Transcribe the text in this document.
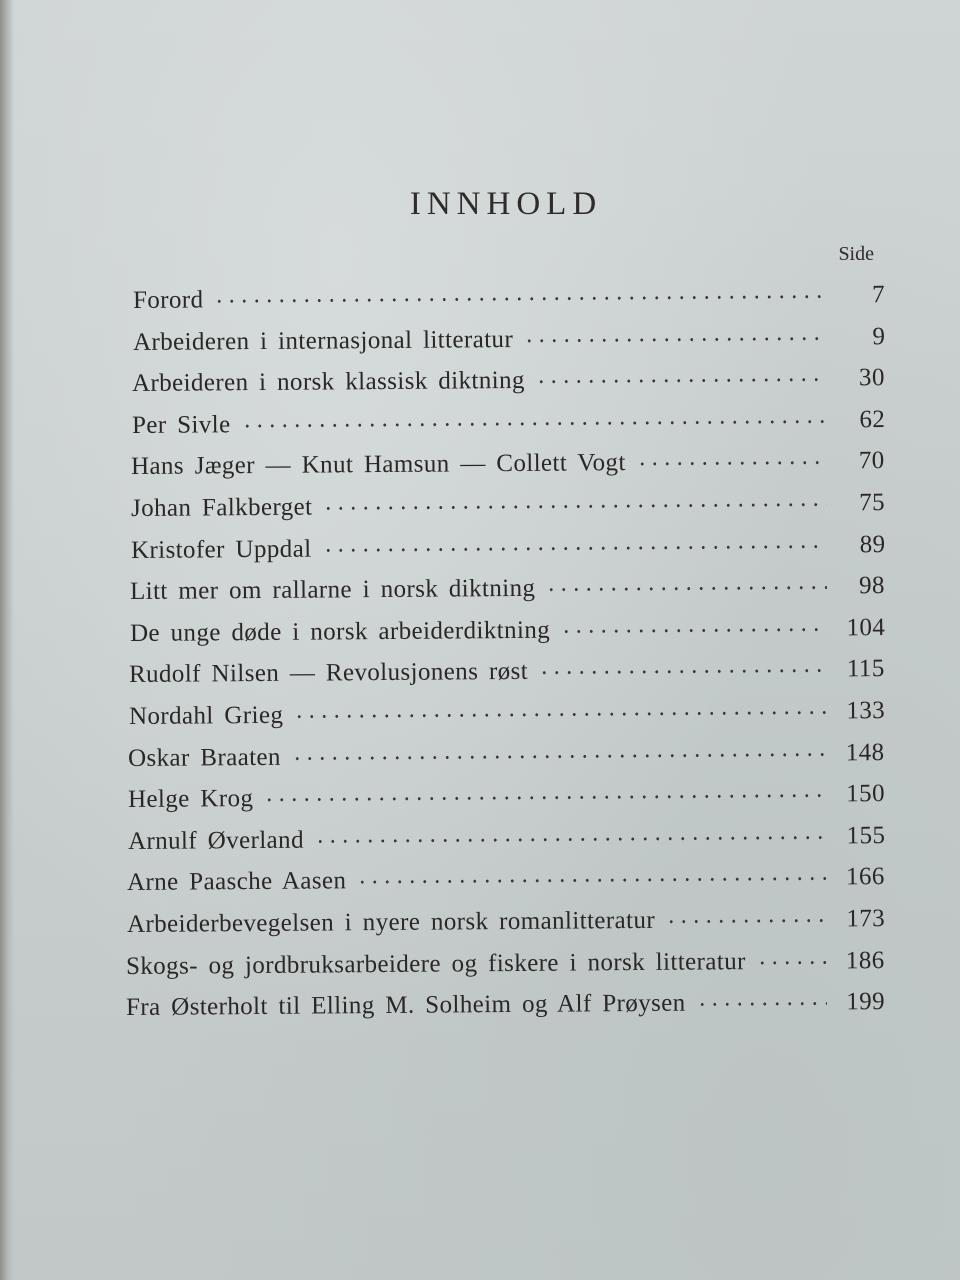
INNHOLD
Side
Forord	7
Arbeideren i internasjonal litteratur	9
Arbeideren i norsk klassisk diktning	30
Per Sivle	62
Hans Jæger — Knut Hamsun — Collett Vogt	70
Johan Falkberget	75
Kristofer Uppdal	89
Litt mer om rallarne i norsk diktning	98
De unge døde i norsk arbeiderdiktning	104
Rudolf Nilsen — Revolusjonens røst	115
Nordahl Grieg	133
Oskar Braaten	148
Helge Krog	150
Arnulf Øverland	155
Arne Paasche Aasen	166
Arbeiderbevegelsen i nyere norsk romanlitteratur	173
Skogs- og jordbruksarbeidere og fiskere i norsk litteratur	186
Fra Østerholt til Elling M. Solheim og Alf Prøysen	199
